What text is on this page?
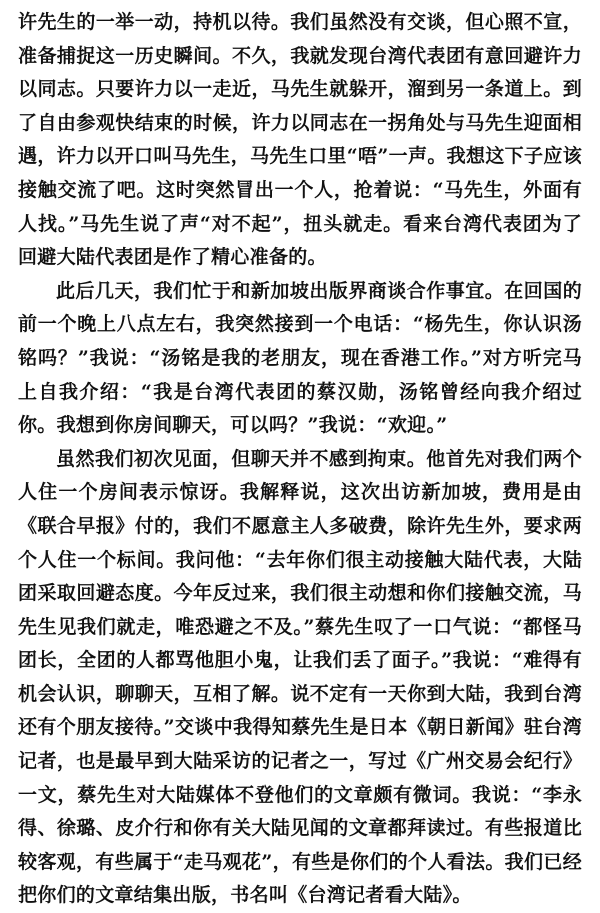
许先生的一举一动，持机以待。我们虽然没有交谈，但心照不宣，准备捕捉这一历史瞬间。不久，我就发现台湾代表团有意回避许力以同志。只要许力以一走近，马先生就躲开，溜到另一条道上。到了自由参观快结束的时候，许力以同志在一拐角处与马先生迎面相遇，许力以开口叫马先生，马先生口里“唔”一声。我想这下子应该接触交流了吧。这时突然冒出一个人，抢着说：“马先生，外面有人找。”马先生说了声“对不起”，扭头就走。看来台湾代表团为了回避大陆代表团是作了精心准备的。

此后几天，我们忙于和新加坡出版界商谈合作事宜。在回国的前一个晚上八点左右，我突然接到一个电话：“杨先生，你认识汤铭吗？”我说：“汤铭是我的老朋友，现在香港工作。”对方听完马上自我介绍：“我是台湾代表团的蔡汉勋，汤铭曾经向我介绍过你。我想到你房间聊天，可以吗？”我说：“欢迎。”

虽然我们初次见面，但聊天并不感到拘束。他首先对我们两个人住一个房间表示惊讶。我解释说，这次出访新加坡，费用是由《联合早报》付的，我们不愿意主人多破费，除许先生外，要求两个人住一个标间。我问他：“去年你们很主动接触大陆代表，大陆团采取回避态度。今年反过来，我们很主动想和你们接触交流，马先生见我们就走，唯恐避之不及。”蔡先生叹了一口气说：“都怪马团长，全团的人都骂他胆小鬼，让我们丢了面子。”我说：“难得有机会认识，聊聊天，互相了解。说不定有一天你到大陆，我到台湾还有个朋友接待。”交谈中我得知蔡先生是日本《朝日新闻》驻台湾记者，也是最早到大陆采访的记者之一，写过《广州交易会纪行》一文，蔡先生对大陆媒体不登他们的文章颇有微词。我说：“李永得、徐璐、皮介行和你有关大陆见闻的文章都拜读过。有些报道比较客观，有些属于“走马观花”，有些是你们的个人看法。我们已经把你们的文章结集出版，书名叫《台湾记者看大陆》。
